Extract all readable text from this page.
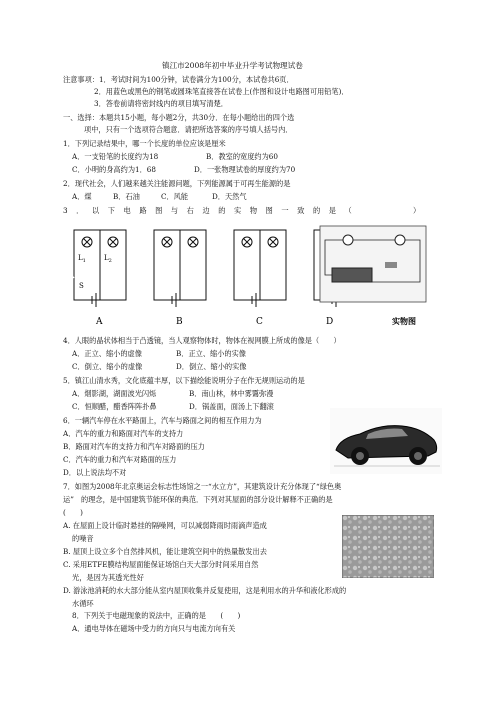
镇江市2008年初中毕业升学考试物理试卷
注意事项：1．考试时间为100分钟，试卷满分为100分，本试卷共6页．
2．用蓝色或黑色的钢笔或圆珠笔直接答在试卷上(作图和设计电路图可用铅笔)．
3．答卷前请将密封线内的项目填写清楚．
一、选择：本题共15小题，每小题2分，共30分．在每小题给出的四个选
项中，只有一个选项符合题意．请把所选答案的序号填人括号内．
1．下列记录结果中，哪一个长度的单位应该是厘米
A．一支铅笔的长度约为18	B．教室的宽度约为60
C．小明的身高约为1．68	D．一张物理试卷的厚度约为70
2．现代社会，人们越来越关注能源问题，下列能源属于可再生能源的是
A．煤	B．石油	C．风能	D．天然气
3．以下电路图与右边的实物图一致的是（	）
A	B	C	D	实物图
$L_1$	$L_2$
S
4．人眼的晶状体相当于凸透镜，当人观察物体时，物体在视网膜上所成的像是（　　）
A．正立、缩小的虚像	B．正立、缩小的实像
C．倒立、缩小的虚像	D．倒立、缩小的实像
5．镇江山清水秀，文化底蕴丰厚，以下描绘能说明分子在作无规则运动的是
A．烟影湖，湖面波光闪烁	B．南山林，林中雾霭弥漫
C．恒顺醋，醋香阵阵扑鼻	D．锅盖面，面汤上下翻滚
6．一辆汽车停在水平路面上，汽车与路面之间的相互作用力为
A．汽车的重力和路面对汽车的支持力
B．路面对汽车的支持力和汽车对路面的压力
C．汽车的重力和汽车对路面的压力
D．以上说法均不对
7．如图为2008年北京奥运会标志性场馆之一“水立方”，其建筑设计充分体现了“绿色奥
运”　的理念，是中国建筑节能环保的典范．下列对其屋面的部分设计解释不正确的是
(　　)
A. 在屋面上设计临时悬挂的隔噪网，可以减弱降雨时雨滴声造成
的噪音
B. 屋顶上设立多个自然排风机，能让建筑空间中的热量散发出去
C. 采用ETFE膜结构屋面能保证场馆白天大部分时间采用自然
光，是因为其透光性好
D. 游泳池消耗的水大部分能从室内屋顶收集并反复使用，这是利用水的升华和液化形成的
水循环
8．下列关于电磁现象的说法中，正确的是　　(　　)
A．通电导体在磁场中受力的方向只与电流方向有关
